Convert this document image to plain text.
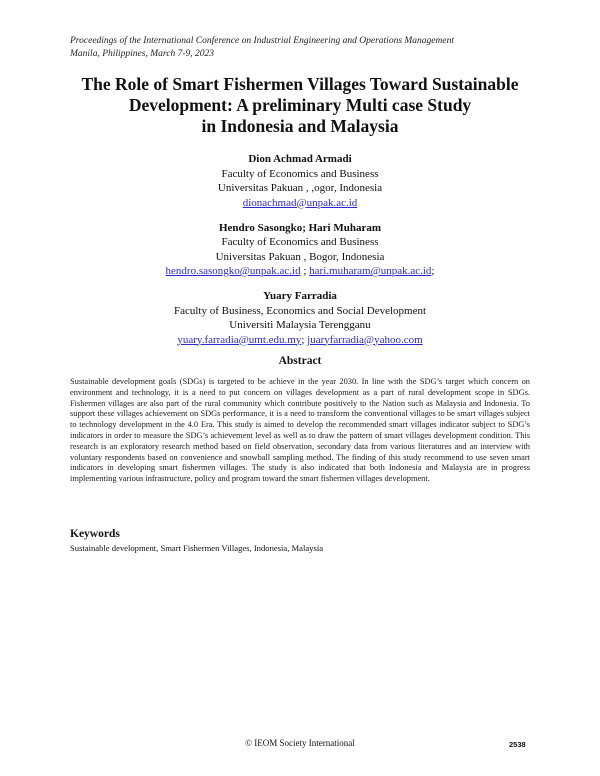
Proceedings of the International Conference on Industrial Engineering and Operations Management
Manila, Philippines, March 7-9, 2023
The Role of Smart Fishermen Villages Toward Sustainable
Development: A preliminary Multi case Study
in Indonesia and Malaysia
Dion Achmad Armadi
Faculty of Economics and Business
Universitas Pakuan , ,ogor, Indonesia
dionachmad@unpak.ac.id
Hendro Sasongko; Hari Muharam
Faculty of Economics and Business
Universitas Pakuan , Bogor, Indonesia
hendro.sasongko@unpak.ac.id ; hari.muharam@unpak.ac.id;
Yuary Farradia
Faculty of Business, Economics and Social Development
Universiti Malaysia Terengganu
yuary.farradia@umt.edu.my; juaryfarradia@yahoo.com
Abstract
Sustainable development goals (SDGs) is targeted to be achieve in the year 2030. In line with the SDG’s target which concern on environment and technology, it is a need to put concern on villages development as a part of rural development scope in SDGs. Fishermen villages are also part of the rural community which contribute positively to the Nation such as Malaysia and Indonesia. To support these villages achievement on SDGs performance, it is a need to transform the conventional villages to be smart villages subject to technology development in the 4.0 Era. This study is aimed to develop the recommended smart villages indicator subject to SDG’s indicators in order to measure the SDG’s achievement level as well as to draw the pattern of smart villages development condition. This research is an exploratory research method based on field observation, secondary data from various literatures and an interview with voluntary respondents based on convenience and snowball sampling method. The finding of this study recommend to use seven smart indicators in developing smart fishermen villages. The study is also indicated that both Indonesia and Malaysia are in progress implementing various infrastructure, policy and program toward the smart fishermen villages development.
Keywords
Sustainable development, Smart Fishermen Villages, Indonesia, Malaysia
© IEOM Society International	2538
